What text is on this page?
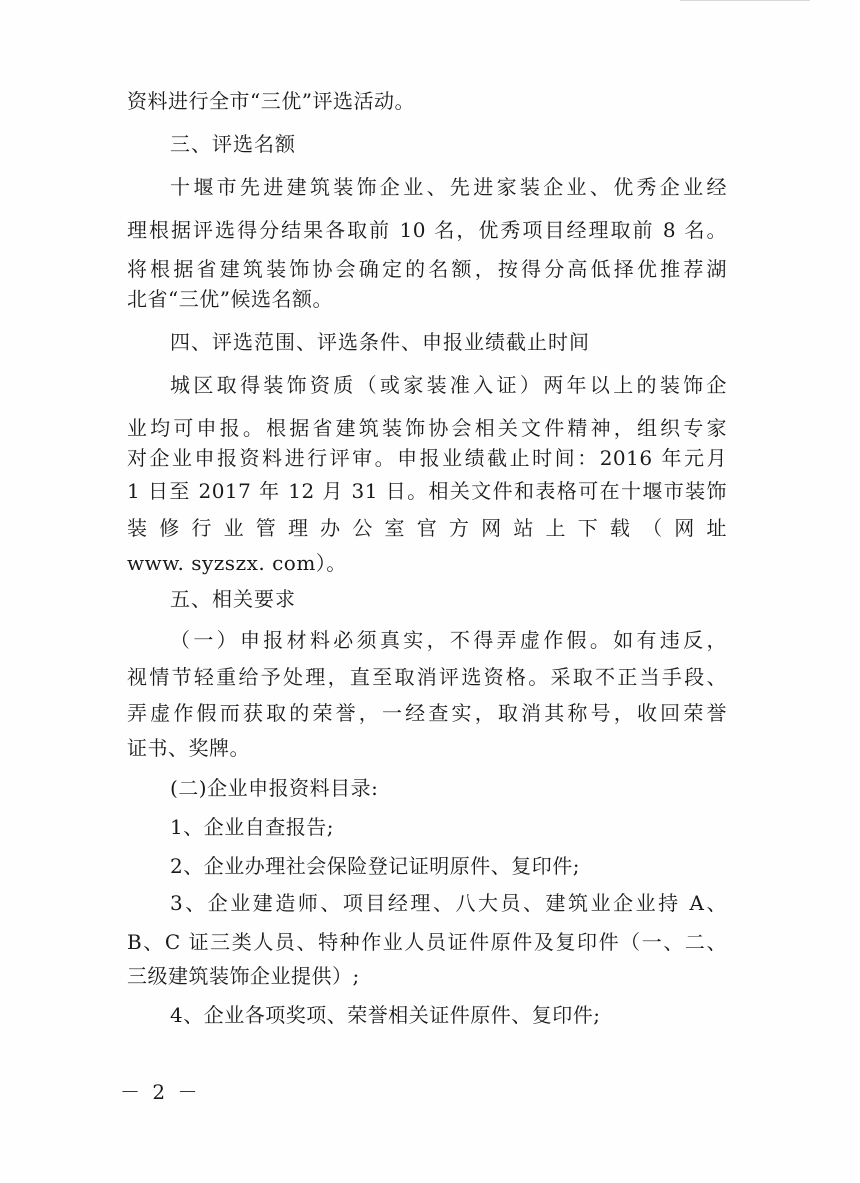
资料进行全市“三优”评选活动。
三、评选名额
十堰市先进建筑装饰企业、先进家装企业、优秀企业经
理根据评选得分结果各取前 10 名，优秀项目经理取前 8 名。
将根据省建筑装饰协会确定的名额，按得分高低择优推荐湖
北省“三优”候选名额。
四、评选范围、评选条件、申报业绩截止时间
城区取得装饰资质（或家装准入证）两年以上的装饰企
业均可申报。根据省建筑装饰协会相关文件精神，组织专家
对企业申报资料进行评审。申报业绩截止时间：2016 年元月
1 日至 2017 年 12 月 31 日。相关文件和表格可在十堰市装饰
装 修 行 业 管 理 办 公 室 官 方 网 站 上 下 载 （ 网 址
www. syzszx. com）。
五、相关要求
（一）申报材料必须真实，不得弄虚作假。如有违反，
视情节轻重给予处理，直至取消评选资格。采取不正当手段、
弄虚作假而获取的荣誉，一经查实，取消其称号，收回荣誉
证书、奖牌。
(二)企业申报资料目录:
1、企业自查报告;
2、企业办理社会保险登记证明原件、复印件;
3、企业建造师、项目经理、八大员、建筑业企业持 A、
B、C 证三类人员、特种作业人员证件原件及复印件（一、二、
三级建筑装饰企业提供）;
4、企业各项奖项、荣誉相关证件原件、复印件;
－ 2 －
